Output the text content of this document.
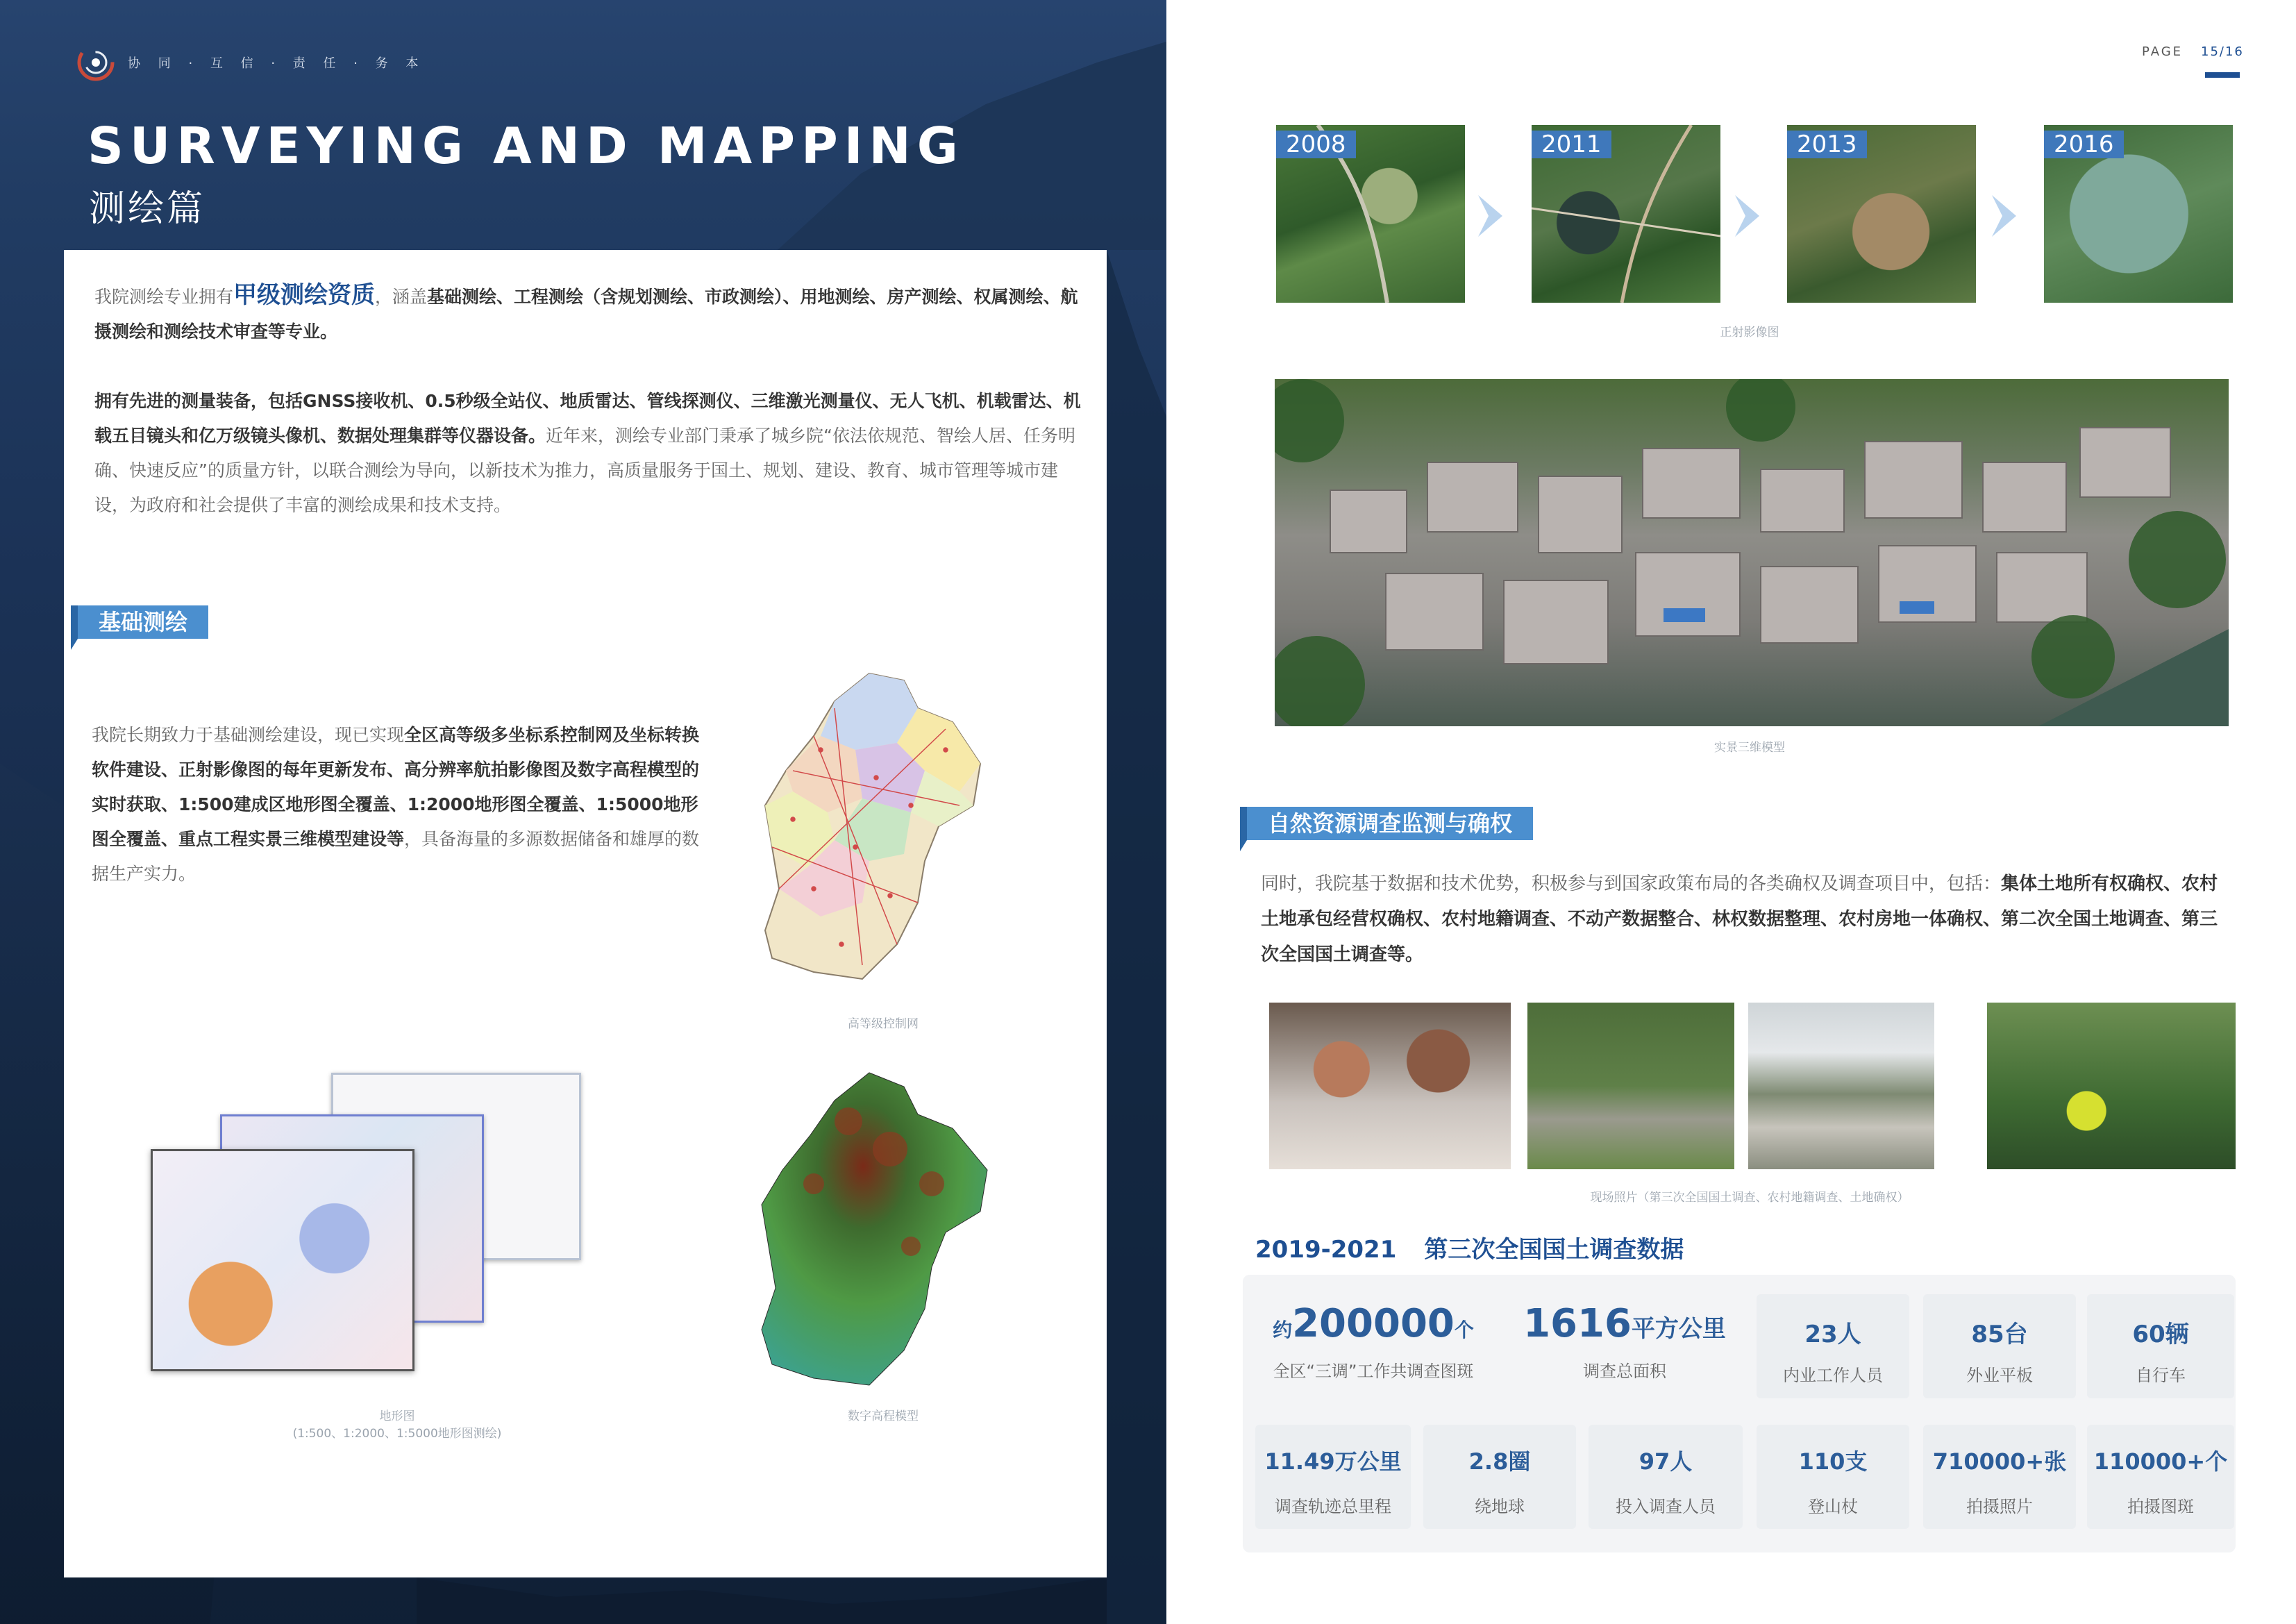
协 同 · 互 信 · 责 任 · 务 本
SURVEYING AND MAPPING
测绘篇

我院测绘专业拥有甲级测绘资质，涵盖基础测绘、工程测绘（含规划测绘、市政测绘）、用地测绘、房产测绘、权属测绘、航摄测绘和测绘技术审查等专业。

拥有先进的测量装备，包括GNSS接收机、0.5秒级全站仪、地质雷达、管线探测仪、三维激光测量仪、无人飞机、机载雷达、机载五目镜头和亿万级镜头像机、数据处理集群等仪器设备。近年来，测绘专业部门秉承了城乡院“依法依规范、智绘人居、任务明确、快速反应”的质量方针，以联合测绘为导向，以新技术为推力，高质量服务于国土、规划、建设、教育、城市管理等城市建设，为政府和社会提供了丰富的测绘成果和技术支持。

基础测绘

我院长期致力于基础测绘建设，现已实现全区高等级多坐标系控制网及坐标转换软件建设、正射影像图的每年更新发布、高分辨率航拍影像图及数字高程模型的实时获取、1:500建成区地形图全覆盖、1:2000地形图全覆盖、1:5000地形图全覆盖、重点工程实景三维模型建设等，具备海量的多源数据储备和雄厚的数据生产实力。

高等级控制网
地形图
(1:500、1:2000、1:5000地形图测绘)
数字高程模型
PAGE 15/16
2008	2011	2013	2016
正射影像图
实景三维模型
自然资源调查监测与确权

同时，我院基于数据和技术优势，积极参与到国家政策布局的各类确权及调查项目中，包括：集体土地所有权确权、农村土地承包经营权确权、农村地籍调查、不动产数据整合、林权数据整理、农村房地一体确权、第二次全国土地调查、第三次全国国土调查等。

现场照片（第三次全国国土调查、农村地籍调查、土地确权）
2019-2021 第三次全国国土调查数据
约200000个
全区“三调”工作共调查图斑
1616平方公里
调查总面积
23人
内业工作人员
85台
外业平板
60辆
自行车
11.49万公里
调查轨迹总里程
2.8圈
绕地球
97人
投入调查人员
110支
登山杖
710000+张
拍摄照片
110000+个
拍摄图斑
